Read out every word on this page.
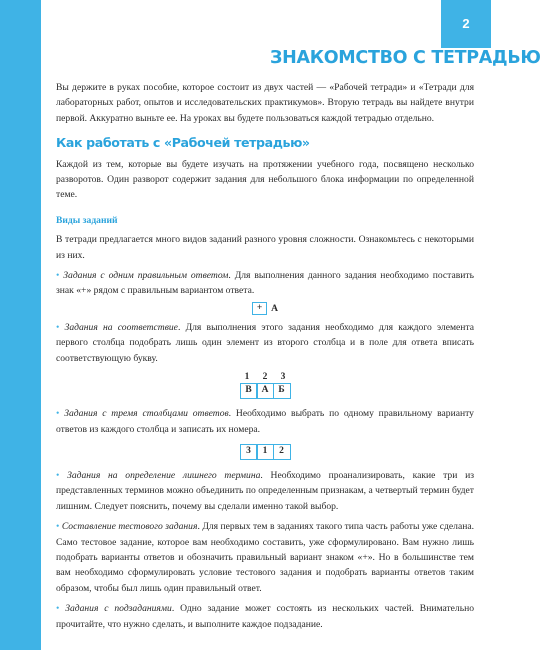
2
ЗНАКОМСТВО С ТЕТРАДЬЮ

Вы держите в руках пособие, которое состоит из двух частей — «Рабочей тетради» и «Тетради для лабораторных работ, опытов и исследовательских практикумов». Вторую тетрадь вы найдете внутри первой. Аккуратно выньте ее. На уроках вы будете пользоваться каждой тетрадью отдельно.

Как работать с «Рабочей тетрадью»

Каждой из тем, которые вы будете изучать на протяжении учебного года, посвящено несколько разворотов. Один разворот содержит задания для небольшого блока информации по определенной теме.

Виды заданий

В тетради предлагается много видов заданий разного уровня сложности. Ознакомьтесь с некоторыми из них.

• Задания с одним правильным ответом. Для выполнения данного задания необходимо поставить знак «+» рядом с правильным вариантом ответа.

+ А

• Задания на соответствие. Для выполнения этого задания необходимо для каждого элемента первого столбца подобрать лишь один элемент из второго столбца и в поле для ответа вписать соответствующую букву.

1	2	3
В	А	Б

• Задания с тремя столбцами ответов. Необходимо выбрать по одному правильному варианту ответов из каждого столбца и записать их номера.

3	1	2

• Задания на определение лишнего термина. Необходимо проанализировать, какие три из представленных терминов можно объединить по определенным признакам, а четвертый термин будет лишним. Следует пояснить, почему вы сделали именно такой выбор.

• Составление тестового задания. Для первых тем в заданиях такого типа часть работы уже сделана. Само тестовое задание, которое вам необходимо составить, уже сформулировано. Вам нужно лишь подобрать варианты ответов и обозначить правильный вариант знаком «+». Но в большинстве тем вам необходимо сформулировать условие тестового задания и подобрать варианты ответов таким образом, чтобы был лишь один правильный ответ.

• Задания с подзаданиями. Одно задание может состоять из нескольких частей. Внимательно прочитайте, что нужно сделать, и выполните каждое подзадание.
